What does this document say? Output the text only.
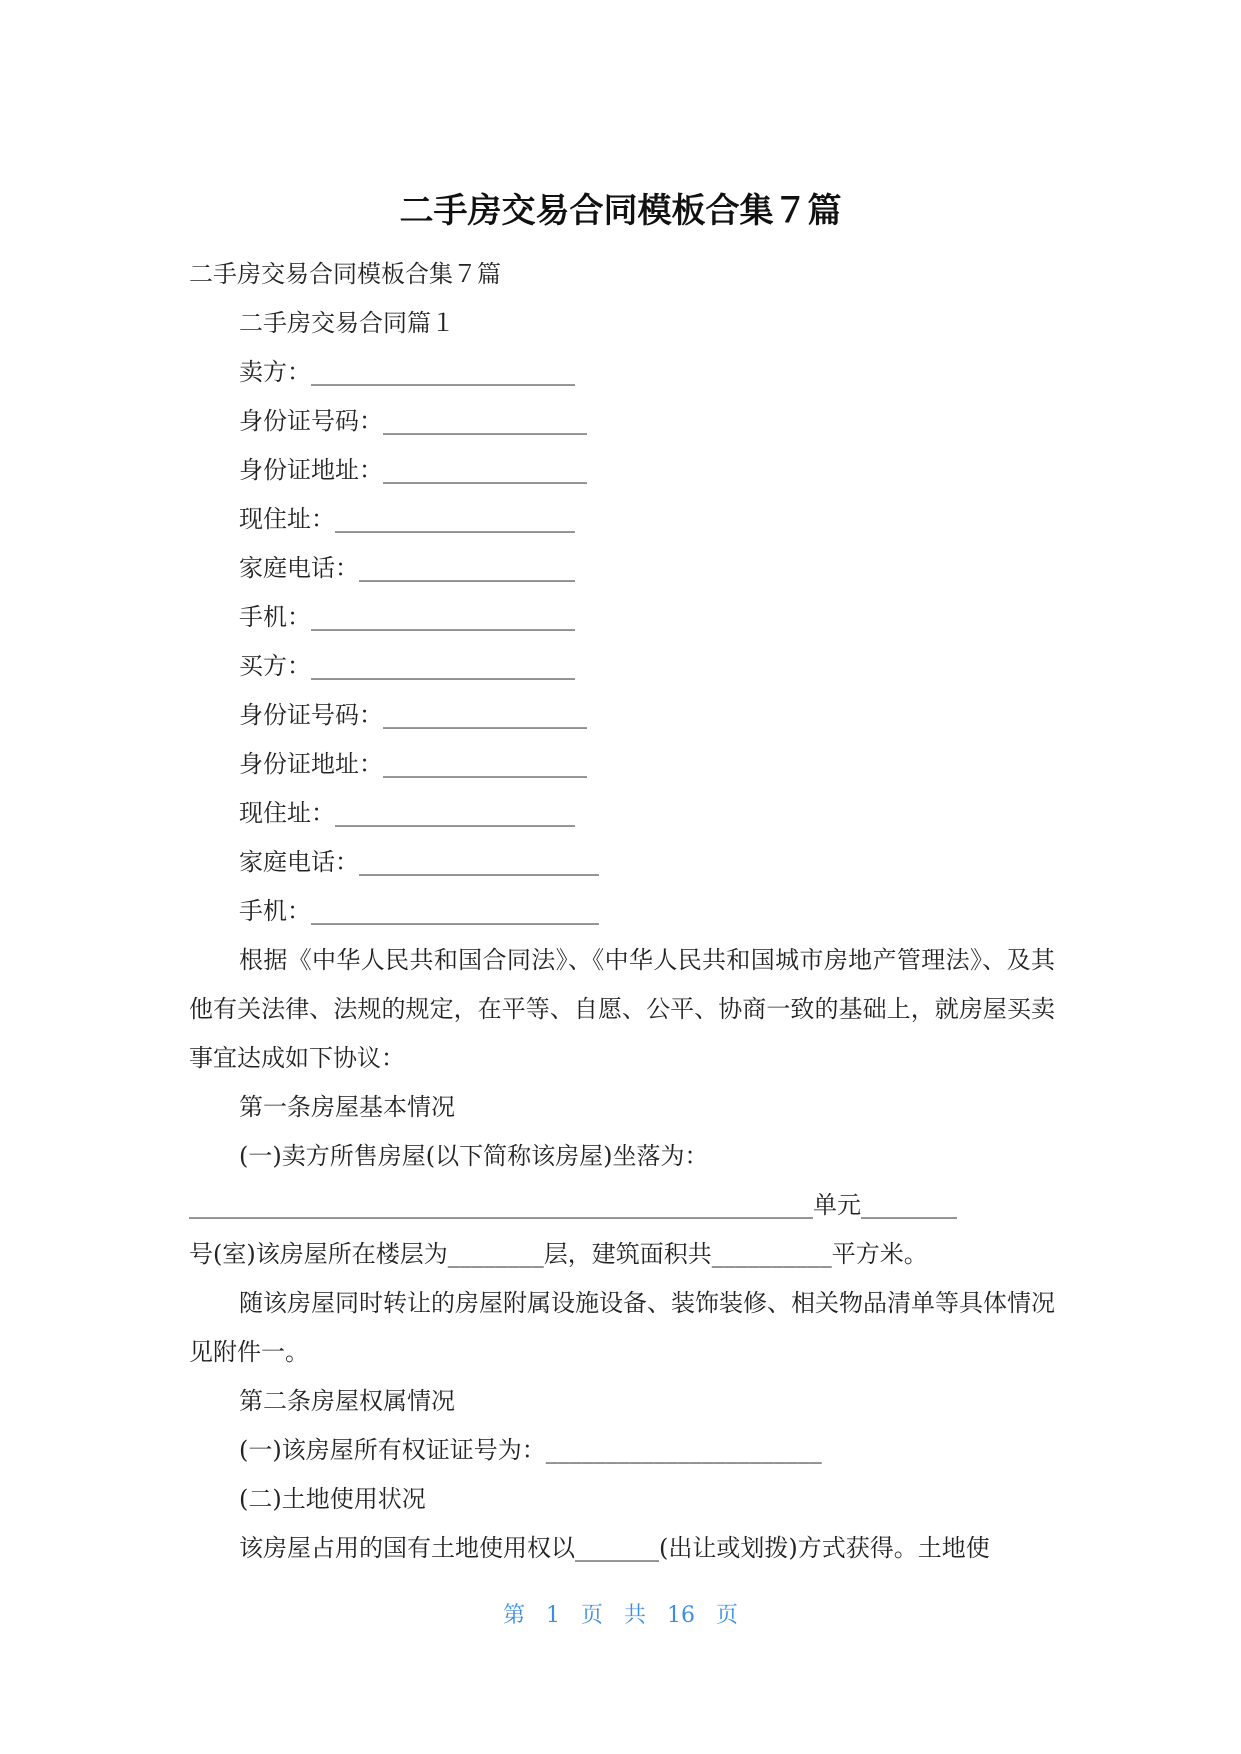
二手房交易合同模板合集７篇
二手房交易合同模板合集７篇
二手房交易合同篇１
卖方：______________________
身份证号码：_________________
身份证地址：_________________
现住址：____________________
家庭电话：__________________
手机：______________________
买方：______________________
身份证号码：_________________
身份证地址：_________________
现住址：____________________
家庭电话：____________________
手机：________________________

根据《中华人民共和国合同法》、《中华人民共和国城市房地产管理法》、及其他有关法律、法规的规定，在平等、自愿、公平、协商一致的基础上，就房屋买卖事宜达成如下协议：

第一条房屋基本情况
(一)卖方所售房屋(以下简称该房屋)坐落为：
____________________________________________________单元________
号(室)该房屋所在楼层为________层，建筑面积共__________平方米。

随该房屋同时转让的房屋附属设施设备、装饰装修、相关物品清单等具体情况见附件一。

第二条房屋权属情况
(一)该房屋所有权证证号为：_______________________
(二)土地使用状况
该房屋占用的国有土地使用权以_______(出让或划拨)方式获得。土地使
第 1 页 共 16 页
